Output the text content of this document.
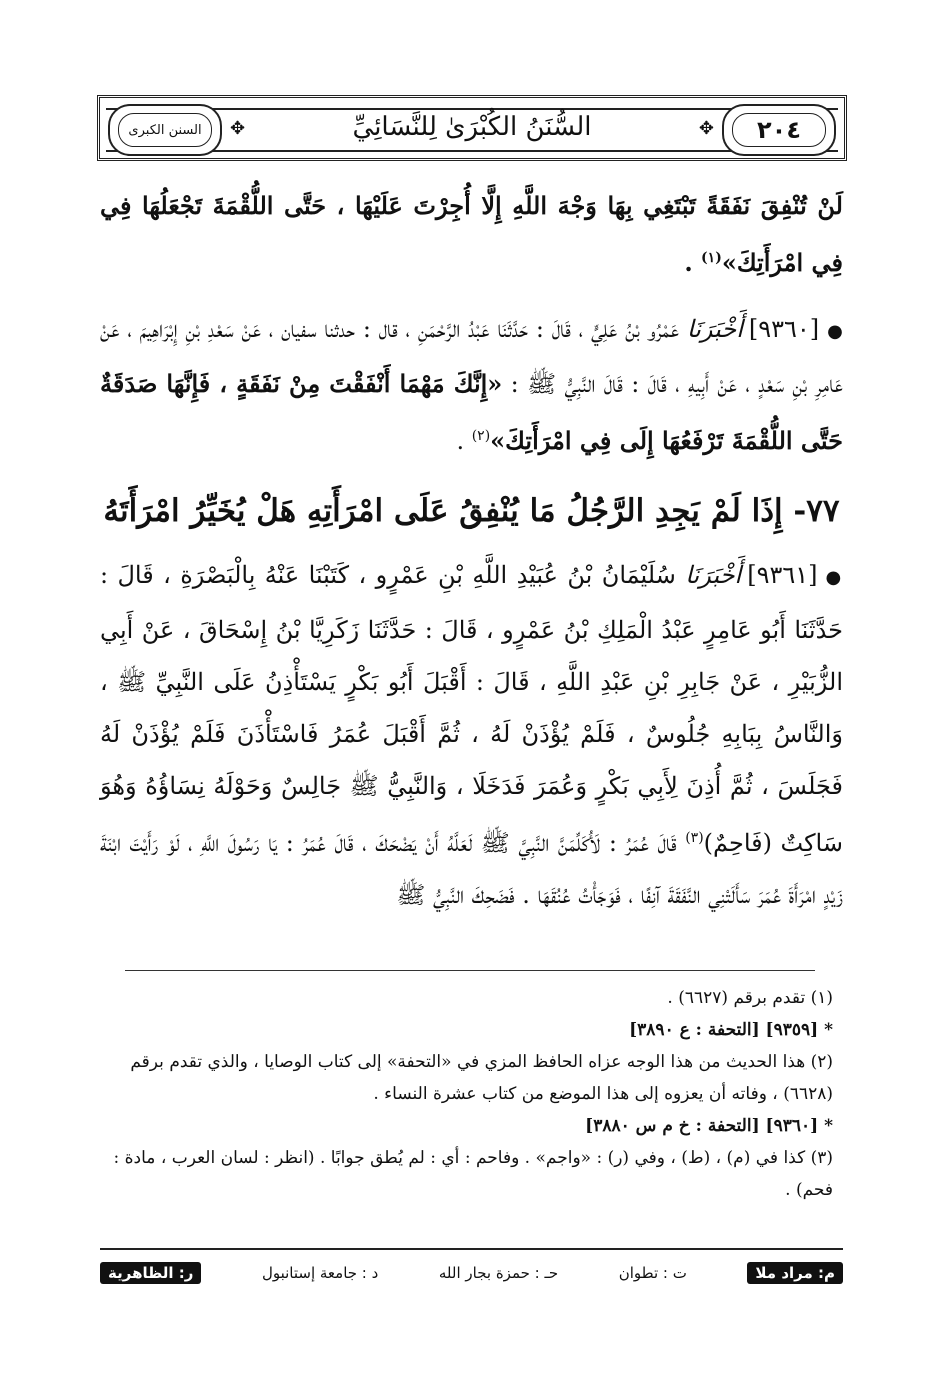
٢٠٤
✥
السُّنَنُ الكُبْرَىٰ لِلنَّسَائِيِّ
✥
السنن الكبرى

لَنْ تُنْفِقَ نَفَقَةً تَبْتَغِي بِهَا وَجْهَ اللَّهِ إِلَّا أُجِرْتَ عَلَيْهَا ، حَتَّى اللُّقْمَةَ تَجْعَلُهَا فِي فِي امْرَأَتِكَ»$^{(١)}$ .

●[٩٣٦٠]أَخْبَرَنَا عَمْرُو بْنُ عَلِيٍّ ، قَالَ : حَدَّثَنَا عَبْدُ الرَّحْمَنِ ، قال : حدثنا سفيان ، عَنْ سَعْدِ بْنِ إِبْرَاهِيمَ ، عَنْ عَامِرِ بْنِ سَعْدٍ ، عَنْ أَبِيهِ ، قَالَ : قَالَ النَّبِيُّ ﷺ : «إِنَّكَ مَهْمَا أَنْفَقْتَ مِنْ نَفَقَةٍ ، فَإِنَّهَا صَدَقَةٌ حَتَّى اللُّقْمَةَ تَرْفَعُهَا إِلَى فِي امْرَأَتِكَ»$^{(٢)}$ .

٧٧- إِذَا لَمْ يَجِدِ الرَّجُلُ مَا يُنْفِقُ عَلَى امْرَأَتِهِ هَلْ يُخَيِّرُ امْرَأَتَهُ

●[٩٣٦١]أَخْبَرَنَا سُلَيْمَانُ بْنُ عُبَيْدِ اللَّهِ بْنِ عَمْرٍو ، كَتَبْنَا عَنْهُ بِالْبَصْرَةِ ، قَالَ : حَدَّثَنَا أَبُو عَامِرٍ عَبْدُ الْمَلِكِ بْنُ عَمْرٍو ، قَالَ : حَدَّثَنَا زَكَرِيَّا بْنُ إِسْحَاقَ ، عَنْ أَبِي الزُّبَيْرِ ، عَنْ جَابِرِ بْنِ عَبْدِ اللَّهِ ، قَالَ : أَقْبَلَ أَبُو بَكْرٍ يَسْتَأْذِنُ عَلَى النَّبِيِّ ﷺ ، وَالنَّاسُ بِبَابِهِ جُلُوسٌ ، فَلَمْ يُؤْذَنْ لَهُ ، ثُمَّ أَقْبَلَ عُمَرُ فَاسْتَأْذَنَ فَلَمْ يُؤْذَنْ لَهُ فَجَلَسَ ، ثُمَّ أُذِنَ لِأَبِي بَكْرٍ وَعُمَرَ فَدَخَلَا ، وَالنَّبِيُّ ﷺ جَالِسٌ وَحَوْلَهُ نِسَاؤُهُ وَهُوَ سَاكِتٌ (فَاحِمٌ)$^{(٣)}$ قَالَ عُمَرُ : لَأُكَلِّمَنَّ النَّبِيَّ ﷺ لَعَلَّهُ أَنْ يَضْحَكَ ، قَالَ عُمَرُ : يَا رَسُولَ اللَّهِ ، لَوْ رَأَيْتَ ابْنَةَ زَيْدٍ امْرَأَةَ عُمَرَ سَأَلَتْنِي النَّفَقَةَ آنِفًا ، فَوَجَأْتُ عُنُقَهَا . فَضَحِكَ النَّبِيُّ ﷺ

(١) تقدم برقم (٦٦٢٧) .

* [٩٣٥٩] [التحفة : ع ٣٨٩٠]

(٢) هذا الحديث من هذا الوجه عزاه الحافظ المزي في «التحفة» إلى كتاب الوصايا ، والذي تقدم برقم (٦٦٢٨) ، وفاته أن يعزوه إلى هذا الموضع من كتاب عشرة النساء .

* [٩٣٦٠] [التحفة : خ م س ٣٨٨٠]

(٣) كذا في (م) ، (ط) ، وفي (ر) : «واجم» . وفاحم : أي : لم يُطق جوابًا . (انظر : لسان العرب ، مادة : فحم) .

م: مراد ملا
ت : تطوان
حـ : حمزة بجار الله
د : جامعة إستانبول
ر: الظاهرية
